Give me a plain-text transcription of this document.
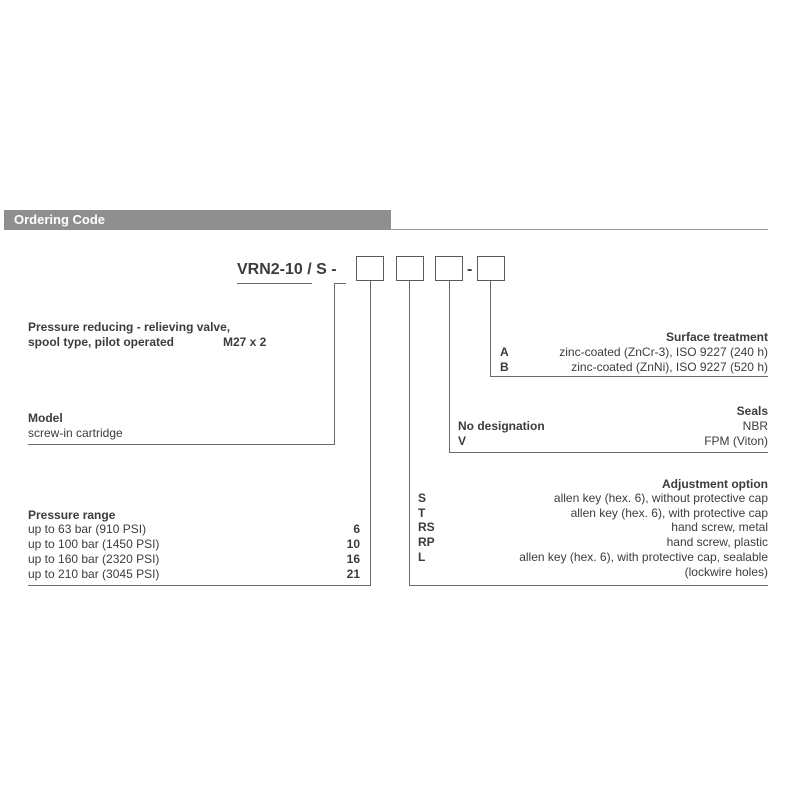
Ordering Code
VRN2-10 / S -	-
Pressure reducing - relieving valve,
spool type, pilot operated	M27 x 2
Model
screw-in cartridge
Pressure range
up to 63 bar (910 PSI)	6
up to 100 bar (1450 PSI)	10
up to 160 bar (2320 PSI)	16
up to 210 bar (3045 PSI)	21
Surface treatment
A	zinc-coated (ZnCr-3), ISO 9227 (240 h)
B	zinc-coated (ZnNi), ISO 9227 (520 h)
Seals
No designation	NBR
V	FPM (Viton)
Adjustment option
S	allen key (hex. 6), without protective cap
T	allen key (hex. 6), with protective cap
RS	hand screw, metal
RP	hand screw, plastic
L	allen key (hex. 6), with protective cap, sealable
(lockwire holes)
